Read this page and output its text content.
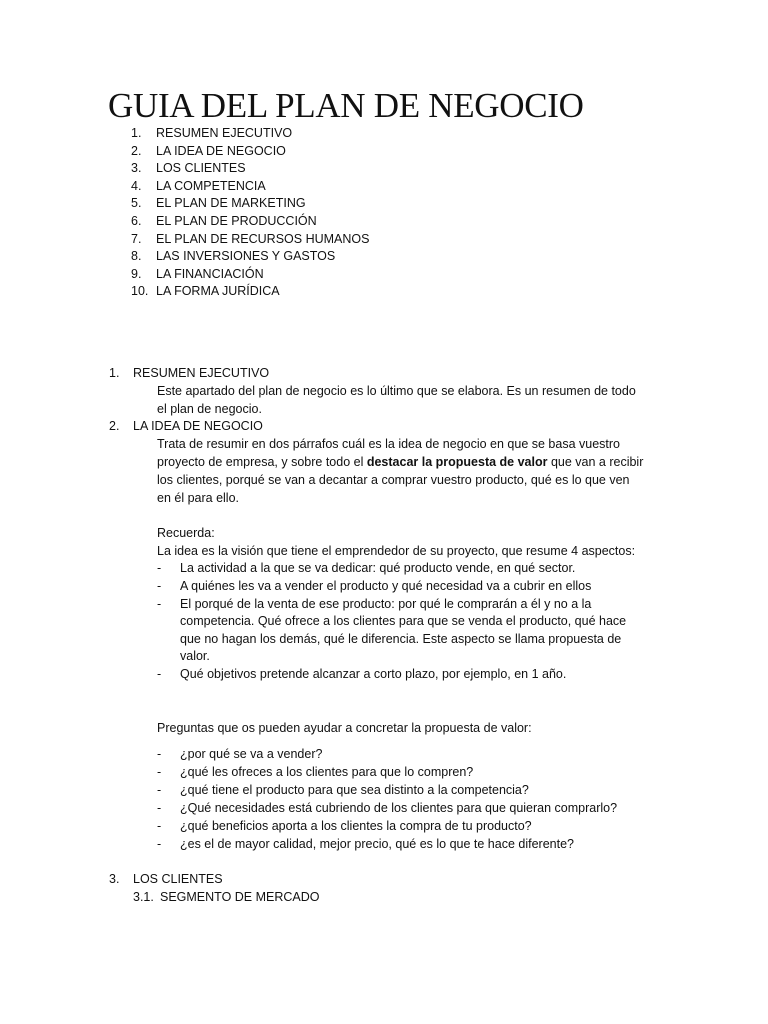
GUIA DEL PLAN DE NEGOCIO
1. RESUMEN EJECUTIVO
2. LA IDEA DE NEGOCIO
3. LOS CLIENTES
4. LA COMPETENCIA
5. EL PLAN DE MARKETING
6. EL PLAN DE PRODUCCIÓN
7. EL PLAN DE RECURSOS HUMANOS
8. LAS INVERSIONES Y GASTOS
9. LA FINANCIACIÓN
10. LA FORMA JURÍDICA
1. RESUMEN EJECUTIVO
Este apartado del plan de negocio es lo último que se elabora. Es un resumen de todo
el plan de negocio.
2. LA IDEA DE NEGOCIO
Trata de resumir en dos párrafos cuál es la idea de negocio en que se basa vuestro
proyecto de empresa, y sobre todo el destacar la propuesta de valor que van a recibir
los clientes, porqué se van a decantar a comprar vuestro producto, qué es lo que ven
en él para ello.
Recuerda:
La idea es la visión que tiene el emprendedor de su proyecto, que resume 4 aspectos:
- La actividad a la que se va dedicar: qué producto vende, en qué sector.
- A quiénes les va a vender el producto y qué necesidad va a cubrir en ellos
- El porqué de la venta de ese producto: por qué le comprarán a él y no a la
competencia. Qué ofrece a los clientes para que se venda el producto, qué hace
que no hagan los demás, qué le diferencia. Este aspecto se llama propuesta de
valor.
- Qué objetivos pretende alcanzar a corto plazo, por ejemplo, en 1 año.
Preguntas que os pueden ayudar a concretar la propuesta de valor:
- ¿por qué se va a vender?
- ¿qué les ofreces a los clientes para que lo compren?
- ¿qué tiene el producto para que sea distinto a la competencia?
- ¿Qué necesidades está cubriendo de los clientes para que quieran comprarlo?
- ¿qué beneficios aporta a los clientes la compra de tu producto?
- ¿es el de mayor calidad, mejor precio, qué es lo que te hace diferente?
3. LOS CLIENTES
3.1. SEGMENTO DE MERCADO
